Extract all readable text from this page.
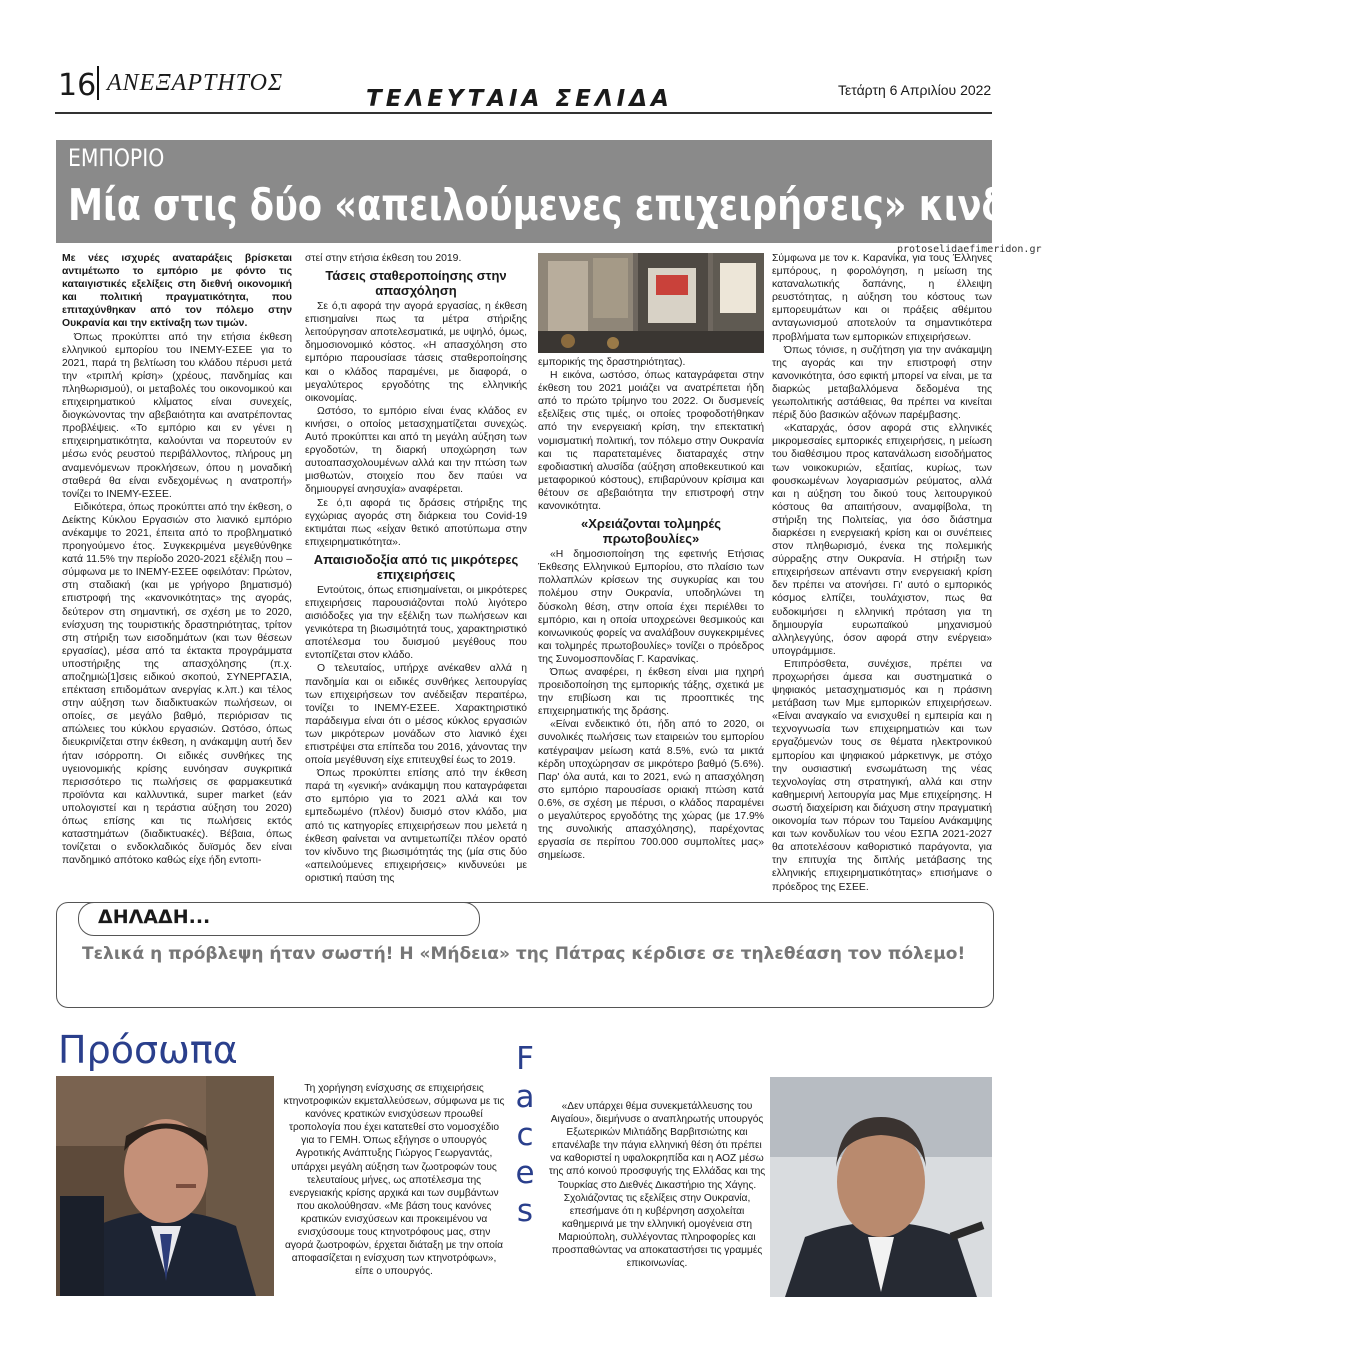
16 ΑΝΕΞΑΡΤΗΤΟΣ
ΤΕΛΕΥΤΑΙΑ ΣΕΛΙΔΑ	Τετάρτη 6 Απριλίου 2022
ΕΜΠΟΡΙΟ
Μία στις δύο «απειλούμενες επιχειρήσεις» κινδυνεύει με λουκέτο
protoselidaefimeridon.gr

Με νέες ισχυρές αναταράξεις βρίσκεται αντιμέτωπο το εμπόριο με φόντο τις καταιγιστικές εξελίξεις στη διεθνή οικονομική και πολιτική πραγματικότητα, που επιταχύνθηκαν από τον πόλεμο στην Ουκρανία και την εκτίναξη των τιμών.

Όπως προκύπτει από την ετήσια έκθεση ελληνικού εμπορίου του ΙΝΕΜΥ-ΕΣΕΕ για το 2021, παρά τη βελτίωση του κλάδου πέρυσι μετά την «τριπλή κρίση» (χρέους, πανδημίας και πληθωρισμού), οι μεταβολές του οικονομικού και επιχειρηματικού κλίματος είναι συνεχείς, διογκώνοντας την αβεβαιότητα και ανατρέποντας προβλέψεις. «Το εμπόριο και εν γένει η επιχειρηματικότητα, καλούνται να πορευτούν εν μέσω ενός ρευστού περιβάλλοντος, πλήρους μη αναμενόμενων προκλήσεων, όπου η μοναδική σταθερά θα είναι ενδεχομένως η ανατροπή» τονίζει το ΙΝΕΜΥ-ΕΣΕΕ.

Ειδικότερα, όπως προκύπτει από την έκθεση, ο Δείκτης Κύκλου Εργασιών στο λιανικό εμπόριο ανέκαμψε το 2021, έπειτα από το προβληματικό προηγούμενο έτος. Συγκεκριμένα μεγεθύνθηκε κατά 11.5% την περίοδο 2020-2021 εξέλιξη που – σύμφωνα με το ΙΝΕΜΥ-ΕΣΕΕ οφειλόταν: Πρώτον, στη σταδιακή (και με γρήγορο βηματισμό) επιστροφή της «κανονικότητας» της αγοράς, δεύτερον στη σημαντική, σε σχέση με το 2020, ενίσχυση της τουριστικής δραστηριότητας, τρίτον στη στήριξη των εισοδημάτων (και των θέσεων εργασίας), μέσα από τα έκτακτα προγράμματα υποστήριξης της απασχόλησης (π.χ. αποζημιώ[1]σεις ειδικού σκοπού, ΣΥΝΕΡΓΑΣΙΑ, επέκταση επιδομάτων ανεργίας κ.λπ.) και τέλος στην αύξηση των διαδικτυακών πωλήσεων, οι οποίες, σε μεγάλο βαθμό, περιόρισαν τις απώλειες του κύκλου εργασιών. Ωστόσο, όπως διευκρινίζεται στην έκθεση, η ανάκαμψη αυτή δεν ήταν ισόρροπη. Οι ειδικές συνθήκες της υγειονομικής κρίσης ευνόησαν συγκριτικά περισσότερο τις πωλήσεις σε φαρμακευτικά προϊόντα και καλλυντικά, super market (εάν υπολογιστεί και η τεράστια αύξηση του 2020) όπως επίσης και τις πωλήσεις εκτός καταστημάτων (διαδικτυακές). Βέβαια, όπως τονίζεται ο ενδοκλαδικός δυϊσμός δεν είναι πανδημικό απότοκο καθώς είχε ήδη εντοπι-

στεί στην ετήσια έκθεση του 2019.

Τάσεις σταθεροποίησης στην απασχόληση

Σε ό,τι αφορά την αγορά εργασίας, η έκθεση επισημαίνει πως τα μέτρα στήριξης λειτούργησαν αποτελεσματικά, με υψηλό, όμως, δημοσιονομικό κόστος. «Η απασχόληση στο εμπόριο παρουσίασε τάσεις σταθεροποίησης και ο κλάδος παραμένει, με διαφορά, ο μεγαλύτερος εργοδότης της ελληνικής οικονομίας.

Ωστόσο, το εμπόριο είναι ένας κλάδος εν κινήσει, ο οποίος μετασχηματίζεται συνεχώς. Αυτό προκύπτει και από τη μεγάλη αύξηση των εργοδοτών, τη διαρκή υποχώρηση των αυτοαπασχολουμένων αλλά και την πτώση των μισθωτών, στοιχείο που δεν παύει να δημιουργεί ανησυχία» αναφέρεται.

Σε ό,τι αφορά τις δράσεις στήριξης της εγχώριας αγοράς στη διάρκεια του Covid-19 εκτιμάται πως «είχαν θετικό αποτύπωμα στην επιχειρηματικότητα».

Απαισιοδοξία από τις μικρότερες επιχειρήσεις

Εντούτοις, όπως επισημαίνεται, οι μικρότερες επιχειρήσεις παρουσιάζονται πολύ λιγότερο αισιόδοξες για την εξέλιξη των πωλήσεων και γενικότερα τη βιωσιμότητά τους, χαρακτηριστικό αποτέλεσμα του δυισμού μεγέθους που εντοπίζεται στον κλάδο.

Ο τελευταίος, υπήρχε ανέκαθεν αλλά η πανδημία και οι ειδικές συνθήκες λειτουργίας των επιχειρήσεων τον ανέδειξαν περαιτέρω, τονίζει το ΙΝΕΜΥ-ΕΣΕΕ. Χαρακτηριστικό παράδειγμα είναι ότι ο μέσος κύκλος εργασιών των μικρότερων μονάδων στο λιανικό έχει επιστρέψει στα επίπεδα του 2016, χάνοντας την οποία μεγέθυνση είχε επιτευχθεί έως το 2019.

Όπως προκύπτει επίσης από την έκθεση παρά τη «γενική» ανάκαμψη που καταγράφεται στο εμπόριο για το 2021 αλλά και τον εμπεδωμένο (πλέον) δυισμό στον κλάδο, μια από τις κατηγορίες επιχειρήσεων που μελετά η έκθεση φαίνεται να αντιμετωπίζει πλέον ορατό τον κίνδυνο της βιωσιμότητάς της (μία στις δύο «απειλούμενες επιχειρήσεις» κινδυνεύει με οριστική παύση της

εμπορικής της δραστηριότητας).

Η εικόνα, ωστόσο, όπως καταγράφεται στην έκθεση του 2021 μοιάζει να ανατρέπεται ήδη από το πρώτο τρίμηνο του 2022. Οι δυσμενείς εξελίξεις στις τιμές, οι οποίες τροφοδοτήθηκαν από την ενεργειακή κρίση, την επεκτατική νομισματική πολιτική, τον πόλεμο στην Ουκρανία και τις παρατεταμένες διαταραχές στην εφοδιαστική αλυσίδα (αύξηση αποθεκευτικού και μεταφορικού κόστους), επιβαρύνουν κρίσιμα και θέτουν σε αβεβαιότητα την επιστροφή στην κανονικότητα.

«Χρειάζονται τολμηρές πρωτοβουλίες»

«Η δημοσιοποίηση της εφετινής Ετήσιας Έκθεσης Ελληνικού Εμπορίου, στο πλαίσιο των πολλαπλών κρίσεων της συγκυρίας και του πολέμου στην Ουκρανία, υποδηλώνει τη δύσκολη θέση, στην οποία έχει περιέλθει το εμπόριο, και η οποία υποχρεώνει θεσμικούς και κοινωνικούς φορείς να αναλάβουν συγκεκριμένες και τολμηρές πρωτοβουλίες» τονίζει ο πρόεδρος της Συνομοσπονδίας Γ. Καρανίκας.

Όπως αναφέρει, η έκθεση είναι μια ηχηρή προειδοποίηση της εμπορικής τάξης, σχετικά με την επιβίωση και τις προοπτικές της επιχειρηματικής της δράσης.

«Είναι ενδεικτικό ότι, ήδη από το 2020, οι συνολικές πωλήσεις των εταιρειών του εμπορίου κατέγραψαν μείωση κατά 8.5%, ενώ τα μικτά κέρδη υποχώρησαν σε μικρότερο βαθμό (5.6%). Παρ' όλα αυτά, και το 2021, ενώ η απασχόληση στο εμπόριο παρουσίασε οριακή πτώση κατά 0.6%, σε σχέση με πέρυσι, ο κλάδος παραμένει ο μεγαλύτερος εργοδότης της χώρας (με 17.9% της συνολικής απασχόλησης), παρέχοντας εργασία σε περίπου 700.000 συμπολίτες μας» σημείωσε.

Σύμφωνα με τον κ. Καρανίκα, για τους Έλληνες εμπόρους, η φορολόγηση, η μείωση της καταναλωτικής δαπάνης, η έλλειψη ρευστότητας, η αύξηση του κόστους των εμπορευμάτων και οι πράξεις αθέμιτου ανταγωνισμού αποτελούν τα σημαντικότερα προβλήματα των εμπορικών επιχειρήσεων.

Όπως τόνισε, η συζήτηση για την ανάκαμψη της αγοράς και την επιστροφή στην κανονικότητα, όσο εφικτή μπορεί να είναι, με τα διαρκώς μεταβαλλόμενα δεδομένα της γεωπολιτικής αστάθειας, θα πρέπει να κινείται πέριξ δύο βασικών αξόνων παρέμβασης.

«Καταρχάς, όσον αφορά στις ελληνικές μικρομεσαίες εμπορικές επιχειρήσεις, η μείωση του διαθέσιμου προς κατανάλωση εισοδήματος των νοικοκυριών, εξαιτίας, κυρίως, των φουσκωμένων λογαριασμών ρεύματος, αλλά και η αύξηση του δικού τους λειτουργικού κόστους θα απαιτήσουν, αναμφίβολα, τη στήριξη της Πολιτείας, για όσο διάστημα διαρκέσει η ενεργειακή κρίση και οι συνέπειες στον πληθωρισμό, ένεκα της πολεμικής σύρραξης στην Ουκρανία. Η στήριξη των επιχειρήσεων απέναντι στην ενεργειακή κρίση δεν πρέπει να ατονήσει. Γι' αυτό ο εμπορικός κόσμος ελπίζει, τουλάχιστον, πως θα ευδοκιμήσει η ελληνική πρόταση για τη δημιουργία ευρωπαϊκού μηχανισμού αλληλεγγύης, όσον αφορά στην ενέργεια» υπογράμμισε.

Επιπρόσθετα, συνέχισε, πρέπει να προχωρήσει άμεσα και συστηματικά ο ψηφιακός μετασχηματισμός και η πράσινη μετάβαση των Μμε εμπορικών επιχειρήσεων. «Είναι αναγκαίο να ενισχυθεί η εμπειρία και η τεχνογνωσία των επιχειρηματιών και των εργαζόμενών τους σε θέματα ηλεκτρονικού εμπορίου και ψηφιακού μάρκετινγκ, με στόχο την ουσιαστική ενσωμάτωση της νέας τεχνολογίας στη στρατηγική, αλλά και στην καθημερινή λειτουργία μας Μμε επιχείρησης. Η σωστή διαχείριση και διάχυση στην πραγματική οικονομία των πόρων του Ταμείου Ανάκαμψης και των κονδυλίων του νέου ΕΣΠΑ 2021-2027 θα αποτελέσουν καθοριστικό παράγοντα, για την επιτυχία της διπλής μετάβασης της ελληνικής επιχειρηματικότητας» επισήμανε ο πρόεδρος της ΕΣΕΕ.

ΔΗΛΑΔΗ...
Τελικά η πρόβλεψη ήταν σωστή! Η «Μήδεια» της Πάτρας κέρδισε σε τηλεθέαση τον πόλεμο!
Πρόσωπα	F
a
c
e
s

Τη χορήγηση ενίσχυσης σε επιχειρήσεις κτηνοτροφικών εκμεταλλεύσεων, σύμφωνα με τις κανόνες κρατικών ενισχύσεων προωθεί τροπολογία που έχει κατατεθεί στο νομοσχέδιο για το ΓΕΜΗ. Όπως εξήγησε ο υπουργός Αγροτικής Ανάπτυξης Γιώργος Γεωργαντάς, υπάρχει μεγάλη αύξηση των ζωοτροφών τους τελευταίους μήνες, ως αποτέλεσμα της ενεργειακής κρίσης αρχικά και των συμβάντων που ακολούθησαν. «Με βάση τους κανόνες κρατικών ενισχύσεων και προκειμένου να ενισχύσουμε τους κτηνοτρόφους μας, στην αγορά ζωοτροφών, έρχεται διάταξη με την οποία αποφασίζεται η ενίσχυση των κτηνοτρόφων», είπε ο υπουργός.

«Δεν υπάρχει θέμα συνεκμετάλλευσης του Αιγαίου», διεμήνυσε ο αναπληρωτής υπουργός Εξωτερικών Μιλτιάδης Βαρβιτσιώτης και επανέλαβε την πάγια ελληνική θέση ότι πρέπει να καθοριστεί η υφαλοκρηπίδα και η ΑΟΖ μέσω της από κοινού προσφυγής της Ελλάδας και της Τουρκίας στο Διεθνές Δικαστήριο της Χάγης. Σχολιάζοντας τις εξελίξεις στην Ουκρανία, επεσήμανε ότι η κυβέρνηση ασχολείται καθημερινά με την ελληνική ομογένεια στη Μαριούπολη, συλλέγοντας πληροφορίες και προσπαθώντας να αποκαταστήσει τις γραμμές επικοινωνίας.
